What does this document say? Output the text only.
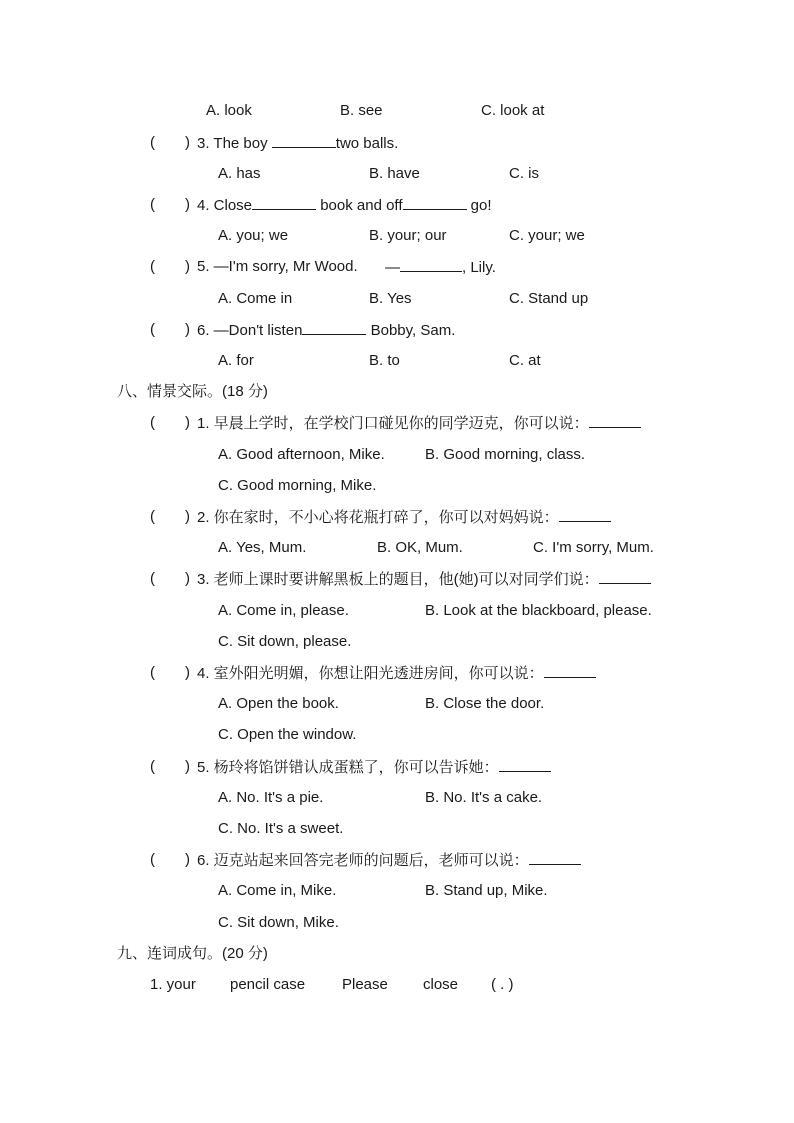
A. look	B. see	C. look at
( ) 3. The boy	two balls.
A. has	B. have	C. is
( ) 4. Close	book and off	go!
A. you; we	B. your; our	C. your; we
( ) 5. —I'm sorry, Mr Wood. —	, Lily.
A. Come in	B. Yes	C. Stand up
( ) 6. —Don't listen	Bobby, Sam.
A. for	B. to	C. at
八、情景交际。(18 分)
( ) 1. 早晨上学时，在学校门口碰见你的同学迈克，你可以说：
A. Good afternoon, Mike.	B. Good morning, class.
C. Good morning, Mike.
( ) 2. 你在家时，不小心将花瓶打碎了，你可以对妈妈说：
A. Yes, Mum.	B. OK, Mum.	C. I'm sorry, Mum.
( ) 3. 老师上课时要讲解黑板上的题目，他(她)可以对同学们说：
A. Come in, please.	B. Look at the blackboard, please.
C. Sit down, please.
( ) 4. 室外阳光明媚，你想让阳光透进房间，你可以说：
A. Open the book.	B. Close the door.
C. Open the window.
( ) 5. 杨玲将馅饼错认成蛋糕了，你可以告诉她：
A. No. It's a pie.	B. No. It's a cake.
C. No. It's a sweet.
( ) 6. 迈克站起来回答完老师的问题后，老师可以说：
A. Come in, Mike.	B. Stand up, Mike.
C. Sit down, Mike.
九、连词成句。(20 分)
1. your pencil case Please close ( . )
